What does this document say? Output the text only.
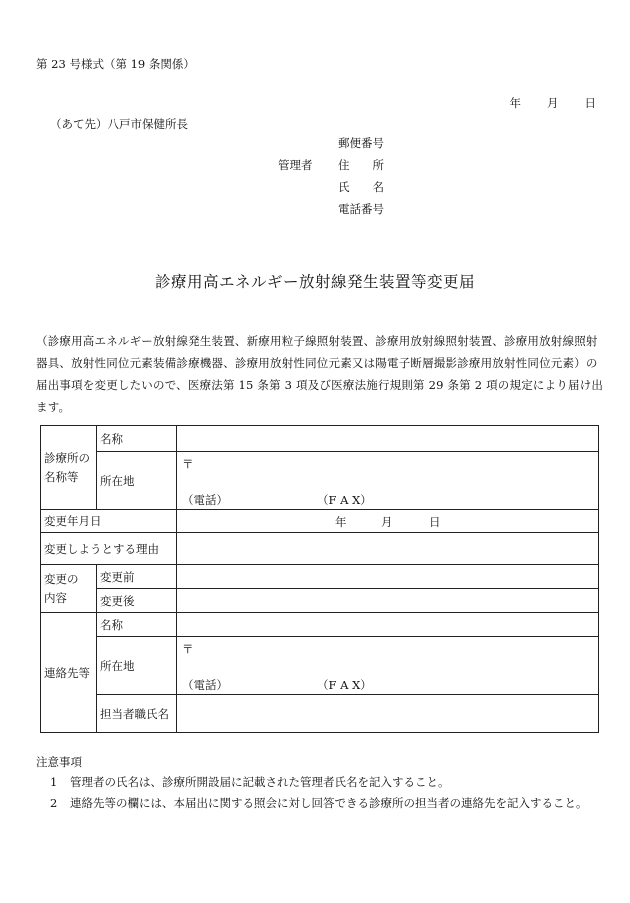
第 23 号様式（第 19 条関係）
年 月 日
（あて先）八戸市保健所長
管理者
郵便番号
住　　所
氏　　名
電話番号
診療用高エネルギー放射線発生装置等変更届
（診療用高エネルギー放射線発生装置、新療用粒子線照射装置、診療用放射線照射装置、診療用放射線照射器具、放射性同位元素装備診療機器、診療用放射性同位元素又は陽電子断層撮影診療用放射性同位元素）の届出事項を変更したいので、医療法第 15 条第 3 項及び医療法施行規則第 29 条第 2 項の規定により届け出ます。
診療所の
名称等	名称	
	所在地	〒
（電話） （F A X）

変更年月日		年 月 日

変更しようとする理由		
変更の
内容	変更前	
	変更後	
連絡先等	名称	
	所在地	〒
（電話） （F A X）

	担当者職氏名	
注意事項
1 管理者の氏名は、診療所開設届に記載された管理者氏名を記入すること。
2 連絡先等の欄には、本届出に関する照会に対し回答できる診療所の担当者の連絡先を記入すること。
